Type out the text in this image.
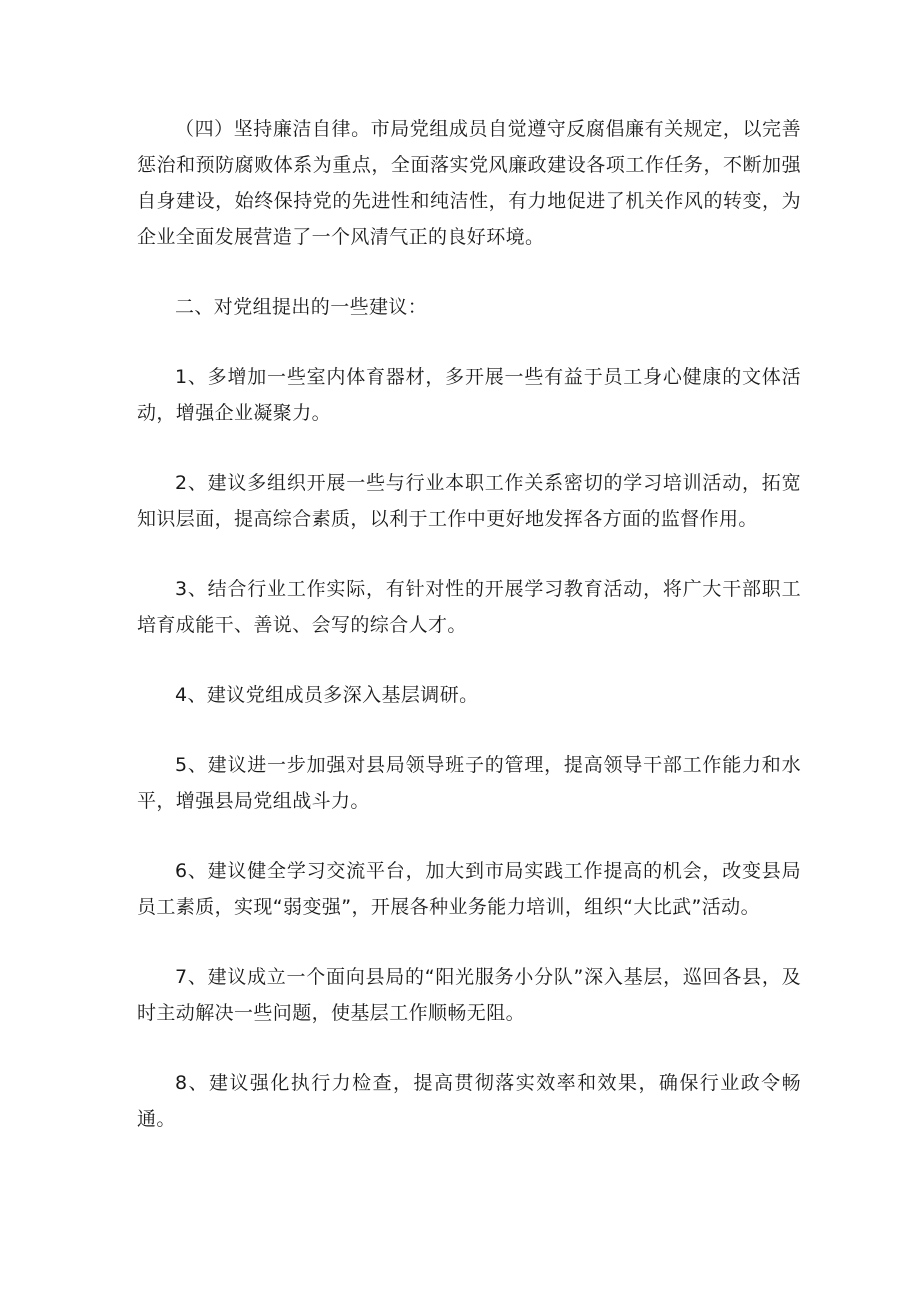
（四）坚持廉洁自律。市局党组成员自觉遵守反腐倡廉有关规定，以完善惩治和预防腐败体系为重点，全面落实党风廉政建设各项工作任务，不断加强自身建设，始终保持党的先进性和纯洁性，有力地促进了机关作风的转变，为企业全面发展营造了一个风清气正的良好环境。

二、对党组提出的一些建议：

1、多增加一些室内体育器材，多开展一些有益于员工身心健康的文体活动，增强企业凝聚力。

2、建议多组织开展一些与行业本职工作关系密切的学习培训活动，拓宽知识层面，提高综合素质，以利于工作中更好地发挥各方面的监督作用。

3、结合行业工作实际，有针对性的开展学习教育活动，将广大干部职工培育成能干、善说、会写的综合人才。

4、建议党组成员多深入基层调研。

5、建议进一步加强对县局领导班子的管理，提高领导干部工作能力和水平，增强县局党组战斗力。

6、建议健全学习交流平台，加大到市局实践工作提高的机会，改变县局员工素质，实现“弱变强”，开展各种业务能力培训，组织“大比武”活动。

7、建议成立一个面向县局的“阳光服务小分队”深入基层，巡回各县，及时主动解决一些问题，使基层工作顺畅无阻。

8、建议强化执行力检查，提高贯彻落实效率和效果，确保行业政令畅通。
